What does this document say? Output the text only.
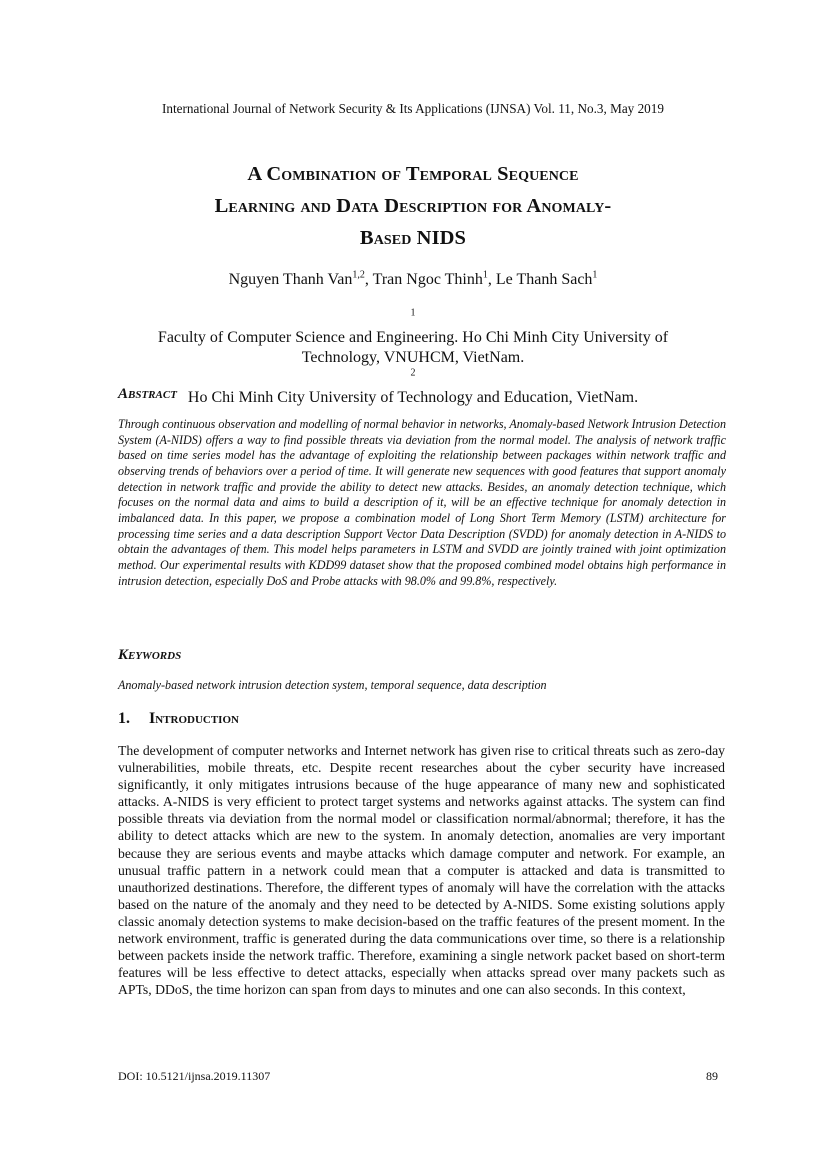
International Journal of Network Security & Its Applications (IJNSA) Vol. 11, No.3, May 2019
A Combination of Temporal Sequence
Learning and Data Description for Anomaly-
Based NIDS
Nguyen Thanh Van$^{1,2}$, Tran Ngoc Thinh$^1$, Le Thanh Sach$^1$
$^1$
Faculty of Computer Science and Engineering. Ho Chi Minh City University of
Technology, VNUHCM, VietNam.
$^2$
Ho Chi Minh City University of Technology and Education, VietNam.
Abstract

Through continuous observation and modelling of normal behavior in networks, Anomaly-based Network Intrusion Detection System (A-NIDS) offers a way to find possible threats via deviation from the normal model. The analysis of network traffic based on time series model has the advantage of exploiting the relationship between packages within network traffic and observing trends of behaviors over a period of time. It will generate new sequences with good features that support anomaly detection in network traffic and provide the ability to detect new attacks. Besides, an anomaly detection technique, which focuses on the normal data and aims to build a description of it, will be an effective technique for anomaly detection in imbalanced data. In this paper, we propose a combination model of Long Short Term Memory (LSTM) architecture for processing time series and a data description Support Vector Data Description (SVDD) for anomaly detection in A-NIDS to obtain the advantages of them. This model helps parameters in LSTM and SVDD are jointly trained with joint optimization method. Our experimental results with KDD99 dataset show that the proposed combined model obtains high performance in intrusion detection, especially DoS and Probe attacks with 98.0% and 99.8%, respectively.

Keywords

Anomaly-based network intrusion detection system, temporal sequence, data description

1. Introduction

The development of computer networks and Internet network has given rise to critical threats such as zero-day vulnerabilities, mobile threats, etc. Despite recent researches about the cyber security have increased significantly, it only mitigates intrusions because of the huge appearance of many new and sophisticated attacks. A-NIDS is very efficient to protect target systems and networks against attacks. The system can find possible threats via deviation from the normal model or classification normal/abnormal; therefore, it has the ability to detect attacks which are new to the system. In anomaly detection, anomalies are very important because they are serious events and maybe attacks which damage computer and network. For example, an unusual traffic pattern in a network could mean that a computer is attacked and data is transmitted to unauthorized destinations. Therefore, the different types of anomaly will have the correlation with the attacks based on the nature of the anomaly and they need to be detected by A-NIDS. Some existing solutions apply classic anomaly detection systems to make decision-based on the traffic features of the present moment. In the network environment, traffic is generated during the data communications over time, so there is a relationship between packets inside the network traffic. Therefore, examining a single network packet based on short-term features will be less effective to detect attacks, especially when attacks spread over many packets such as APTs, DDoS, the time horizon can span from days to minutes and one can also seconds. In this context,

DOI: 10.5121/ijnsa.2019.11307	89
